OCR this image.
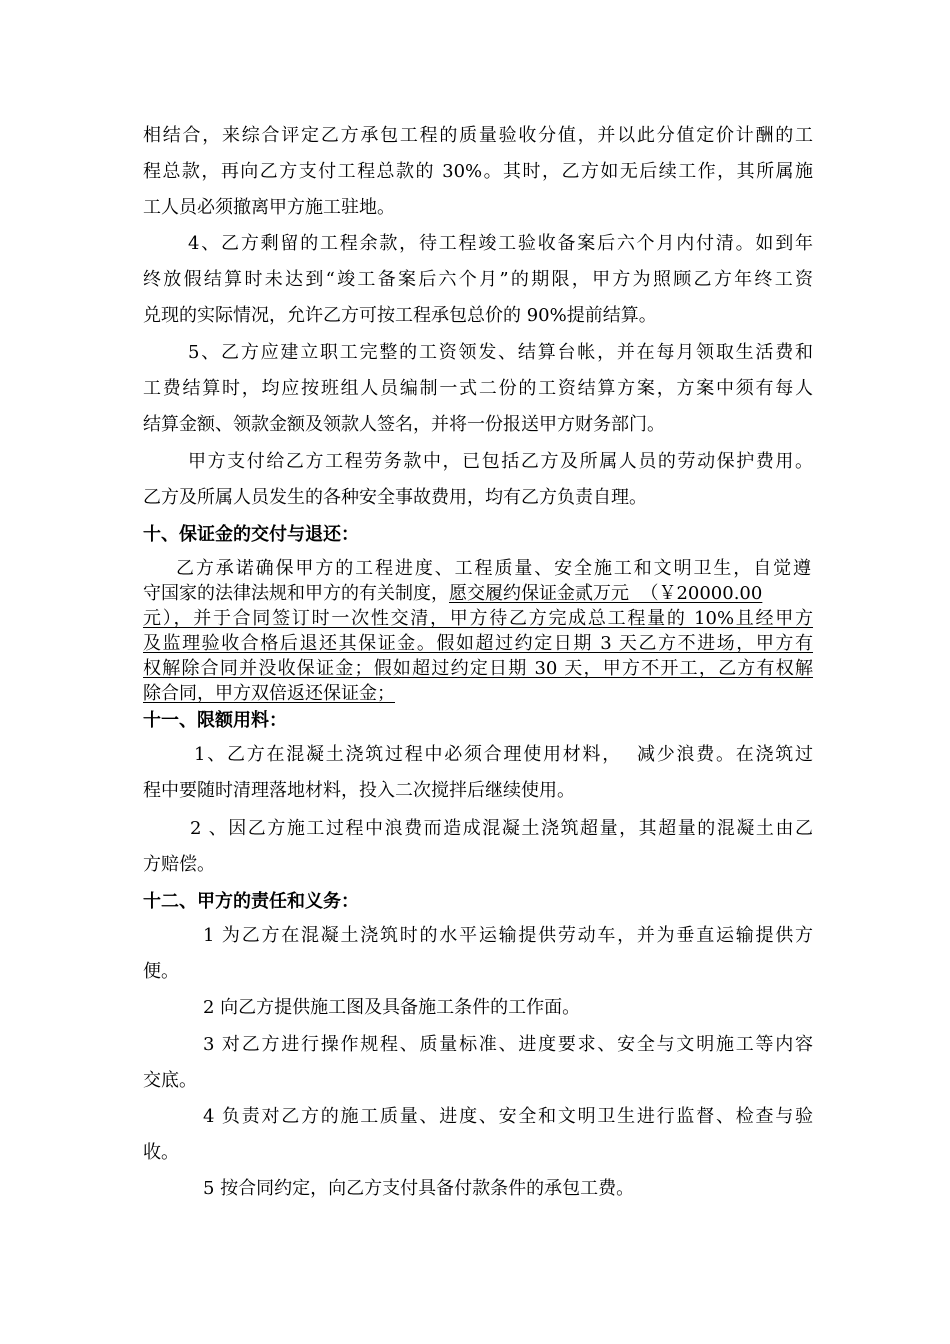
相结合，来综合评定乙方承包工程的质量验收分值，并以此分值定价计酬的工
程总款，再向乙方支付工程总款的 30%。其时，乙方如无后续工作，其所属施
工人员必须撤离甲方施工驻地。
4、乙方剩留的工程余款，待工程竣工验收备案后六个月内付清。如到年
终放假结算时未达到“竣工备案后六个月”的期限，甲方为照顾乙方年终工资
兑现的实际情况，允许乙方可按工程承包总价的 90%提前结算。
5、乙方应建立职工完整的工资领发、结算台帐，并在每月领取生活费和
工费结算时，均应按班组人员编制一式二份的工资结算方案，方案中须有每人
结算金额、领款金额及领款人签名，并将一份报送甲方财务部门。
甲方支付给乙方工程劳务款中，已包括乙方及所属人员的劳动保护费用。
乙方及所属人员发生的各种安全事故费用，均有乙方负责自理。
十、保证金的交付与退还：
乙方承诺确保甲方的工程进度、工程质量、安全施工和文明卫生，自觉遵
守国家的法律法规和甲方的有关制度，愿交履约保证金贰万元  （￥20000.00
元），并于合同签订时一次性交清，甲方待乙方完成总工程量的 10%且经甲方
及监理验收合格后退还其保证金。假如超过约定日期 3 天乙方不进场，甲方有
权解除合同并没收保证金；假如超过约定日期 30 天，甲方不开工，乙方有权解
除合同，甲方双倍返还保证金；
十一、限额用料：
1、乙方在混凝土浇筑过程中必须合理使用材料，  减少浪费。在浇筑过
程中要随时清理落地材料，投入二次搅拌后继续使用。
2 、因乙方施工过程中浪费而造成混凝土浇筑超量，其超量的混凝土由乙
方赔偿。
十二、甲方的责任和义务：
1 为乙方在混凝土浇筑时的水平运输提供劳动车，并为垂直运输提供方
便。
2 向乙方提供施工图及具备施工条件的工作面。
3 对乙方进行操作规程、质量标准、进度要求、安全与文明施工等内容
交底。
4 负责对乙方的施工质量、进度、安全和文明卫生进行监督、检查与验
收。
5 按合同约定，向乙方支付具备付款条件的承包工费。
